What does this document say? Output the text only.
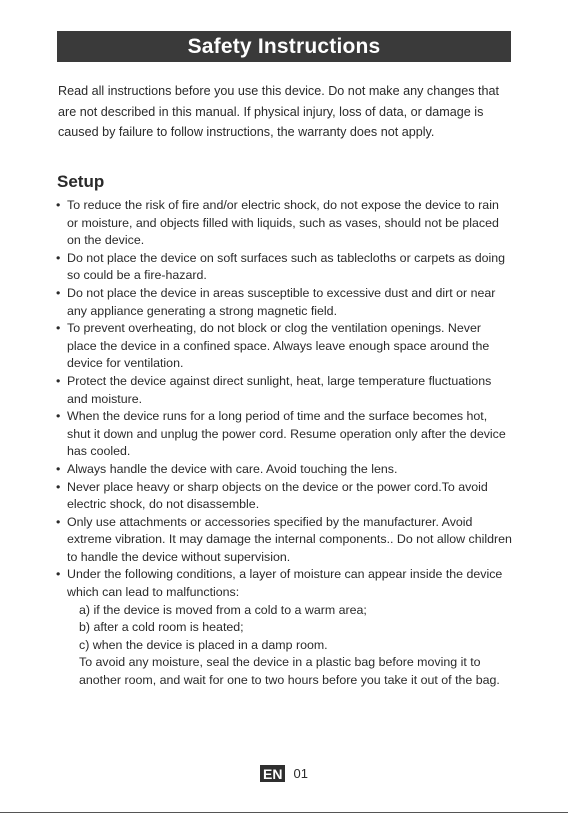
Safety Instructions

Read all instructions before you use this device. Do not make any changes that are not described in this manual. If physical injury, loss of data, or damage is caused by failure to follow instructions, the warranty does not apply.

Setup
• To reduce the risk of fire and/or electric shock, do not expose the device to rain or moisture, and objects filled with liquids, such as vases, should not be placed on the device.
• Do not place the device on soft surfaces such as tablecloths or carpets as doing so could be a fire-hazard.
• Do not place the device in areas susceptible to excessive dust and dirt or near any appliance generating a strong magnetic field.
• To prevent overheating, do not block or clog the ventilation openings. Never place the device in a confined space. Always leave enough space around the device for ventilation.
• Protect the device against direct sunlight, heat, large temperature fluctuations and moisture.
• When the device runs for a long period of time and the surface becomes hot, shut it down and unplug the power cord. Resume operation only after the device has cooled.
• Always handle the device with care. Avoid touching the lens.
• Never place heavy or sharp objects on the device or the power cord.To avoid electric shock, do not disassemble.
• Only use attachments or accessories specified by the manufacturer. Avoid extreme vibration. It may damage the internal components.. Do not allow children to handle the device without supervision.
• Under the following conditions, a layer of moisture can appear inside the device which can lead to malfunctions:
a) if the device is moved from a cold to a warm area;
b) after a cold room is heated;
c) when the device is placed in a damp room.
To avoid any moisture, seal the device in a plastic bag before moving it to another room, and wait for one to two hours before you take it out of the bag.
EN 01
